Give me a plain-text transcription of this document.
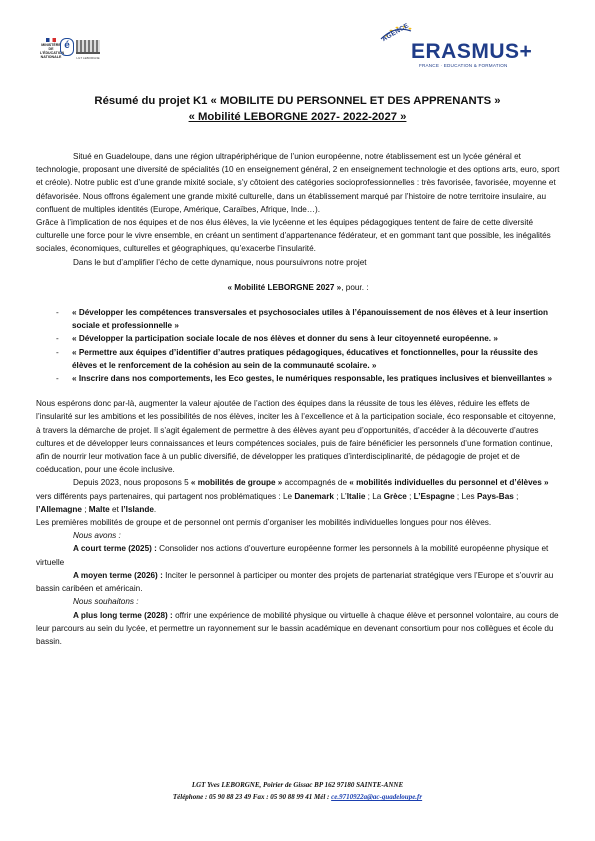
MINISTÈRE DE L'ÉDUCATION NATIONALE
é
LGT LEBORGNE
AGENCE
ERASMUS+
FRANCE · EDUCATION & FORMATION
Résumé du projet K1 « MOBILITE DU PERSONNEL ET DES APPRENANTS »
« Mobilité LEBORGNE 2027- 2022-2027 »

Situé en Guadeloupe, dans une région ultrapériphérique de l’union européenne, notre établissement est un lycée général et technologie, proposant une diversité de spécialités (10 en enseignement général, 2 en enseignement technologie et des options arts, euro, sport et créole). Notre public est d’une grande mixité sociale, s’y côtoient des catégories socioprofessionnelles : très favorisée, favorisée, moyenne et défavorisée. Nous offrons également une grande mixité culturelle, dans un établissement marqué par l’histoire de notre territoire insulaire, au confluent de multiples identités (Europe, Amérique, Caraïbes, Afrique, Inde…).

Grâce à l’implication de nos équipes et de nos élus élèves, la vie lycéenne et les équipes pédagogiques tentent de faire de cette diversité culturelle une force pour le vivre ensemble, en créant un sentiment d’appartenance fédérateur, et en gommant tant que possible, les inégalités sociales, économiques, culturelles et géographiques, qu’exacerbe l’insularité.

Dans le but d’amplifier l’écho de cette dynamique, nous poursuivrons notre projet

« Mobilité LEBORGNE 2027 », pour. :

- « Développer les compétences transversales et psychosociales utiles à l’épanouissement de nos élèves et à leur insertion sociale et professionnelle »
- « Développer la participation sociale locale de nos élèves et donner du sens à leur citoyenneté européenne. »
- « Permettre aux équipes d’identifier d’autres pratiques pédagogiques, éducatives et fonctionnelles, pour la réussite des élèves et le renforcement de la cohésion au sein de la communauté scolaire. »
- « Inscrire dans nos comportements, les Eco gestes, le numériques responsable, les pratiques inclusives et bienveillantes »

Nous espérons donc par-là, augmenter la valeur ajoutée de l’action des équipes dans la réussite de tous les élèves, réduire les effets de l’insularité sur les ambitions et les possibilités de nos élèves, inciter les à l’excellence et à la participation sociale, éco responsable et citoyenne, à travers la démarche de projet. Il s’agit également de permettre à des élèves ayant peu d’opportunités, d’accéder à la découverte d’autres cultures et de développer leurs connaissances et leurs compétences sociales, puis de faire bénéficier les personnels d’une formation continue, afin de nourrir leur motivation face à un public diversifié, de développer les pratiques d’interdisciplinarité, de pédagogie de projet et de coéducation, pour une école inclusive.

Depuis 2023, nous proposons 5 « mobilités de groupe » accompagnés de « mobilités individuelles du personnel et d’élèves » vers différents pays partenaires, qui partagent nos problématiques : Le Danemark ; L’Italie ; La Grèce ; L’Espagne ; Les Pays-Bas ; l’Allemagne ; Malte et l’Islande.

Les premières mobilités de groupe et de personnel ont permis d’organiser les mobilités individuelles longues pour nos élèves.

Nous avons :

A court terme (2025) : Consolider nos actions d’ouverture européenne former les personnels à la mobilité européenne physique et virtuelle

A moyen terme (2026) : Inciter le personnel à participer ou monter des projets de partenariat stratégique vers l’Europe et s’ouvrir au bassin caribéen et américain.

Nous souhaitons :

A plus long terme (2028) : offrir une expérience de mobilité physique ou virtuelle à chaque élève et personnel volontaire, au cours de leur parcours au sein du lycée, et permettre un rayonnement sur le bassin académique en devenant consortium pour nos collègues et école du bassin.

LGT Yves LEBORGNE, Poirier de Gissac BP 162 97180 SAINTE-ANNE
Téléphone : 05 90 88 23 49 Fax : 05 90 88 99 41 Mél : ce.9710922a@ac-guadeloupe.fr
